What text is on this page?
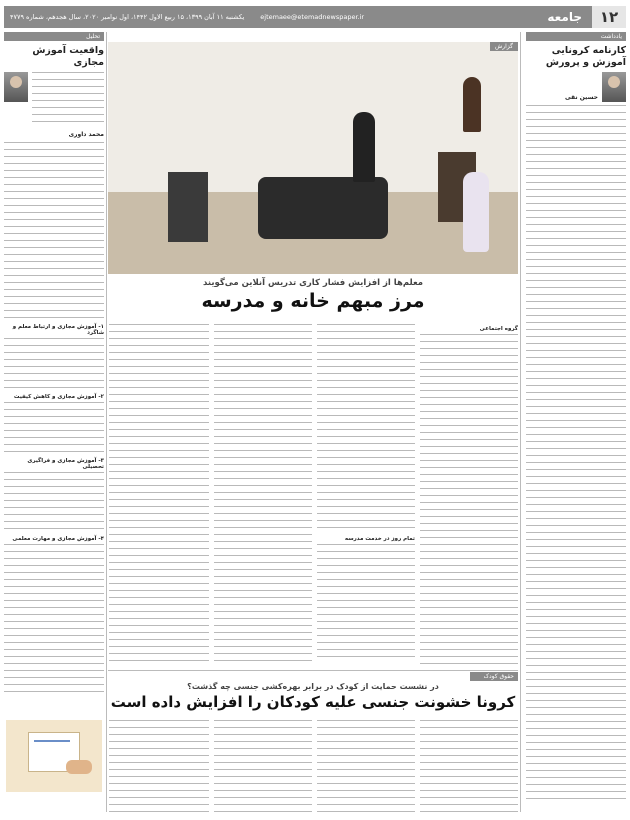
۱۲
جامعه
ejtemaee@etemadnewspaper.ir
یکشنبه ۱۱ آبان ۱۳۹۹، ۱۵ ربیع الاول ۱۴۴۲، اول نوامبر ۲۰۲۰، سال هجدهم، شماره ۴۷۷۹
یادداشت
کارنامه کرونایی آموزش و پرورش
حسین نقی
تحلیل
واقعیت آموزش مجازی
محمد داوری
۱- آموزش مجازی و ارتباط معلم و شاگرد
۲- آموزش مجازی و کاهش کیفیت
۳- آموزش مجازی و فراگیری تحصیلی
۴- آموزش مجازی و مهارت معلمی
گزارش
معلم‌ها از افزایش فشار کاری تدریس آنلاین می‌گویند
مرز مبهم خانه و مدرسه
گروه اجتماعی
تمام روز در خدمت مدرسه
حقوق کودک
در نشست حمایت از کودک در برابر بهره‌کشی جنسی چه گذشت؟
کرونا خشونت جنسی علیه کودکان را افزایش داده است
